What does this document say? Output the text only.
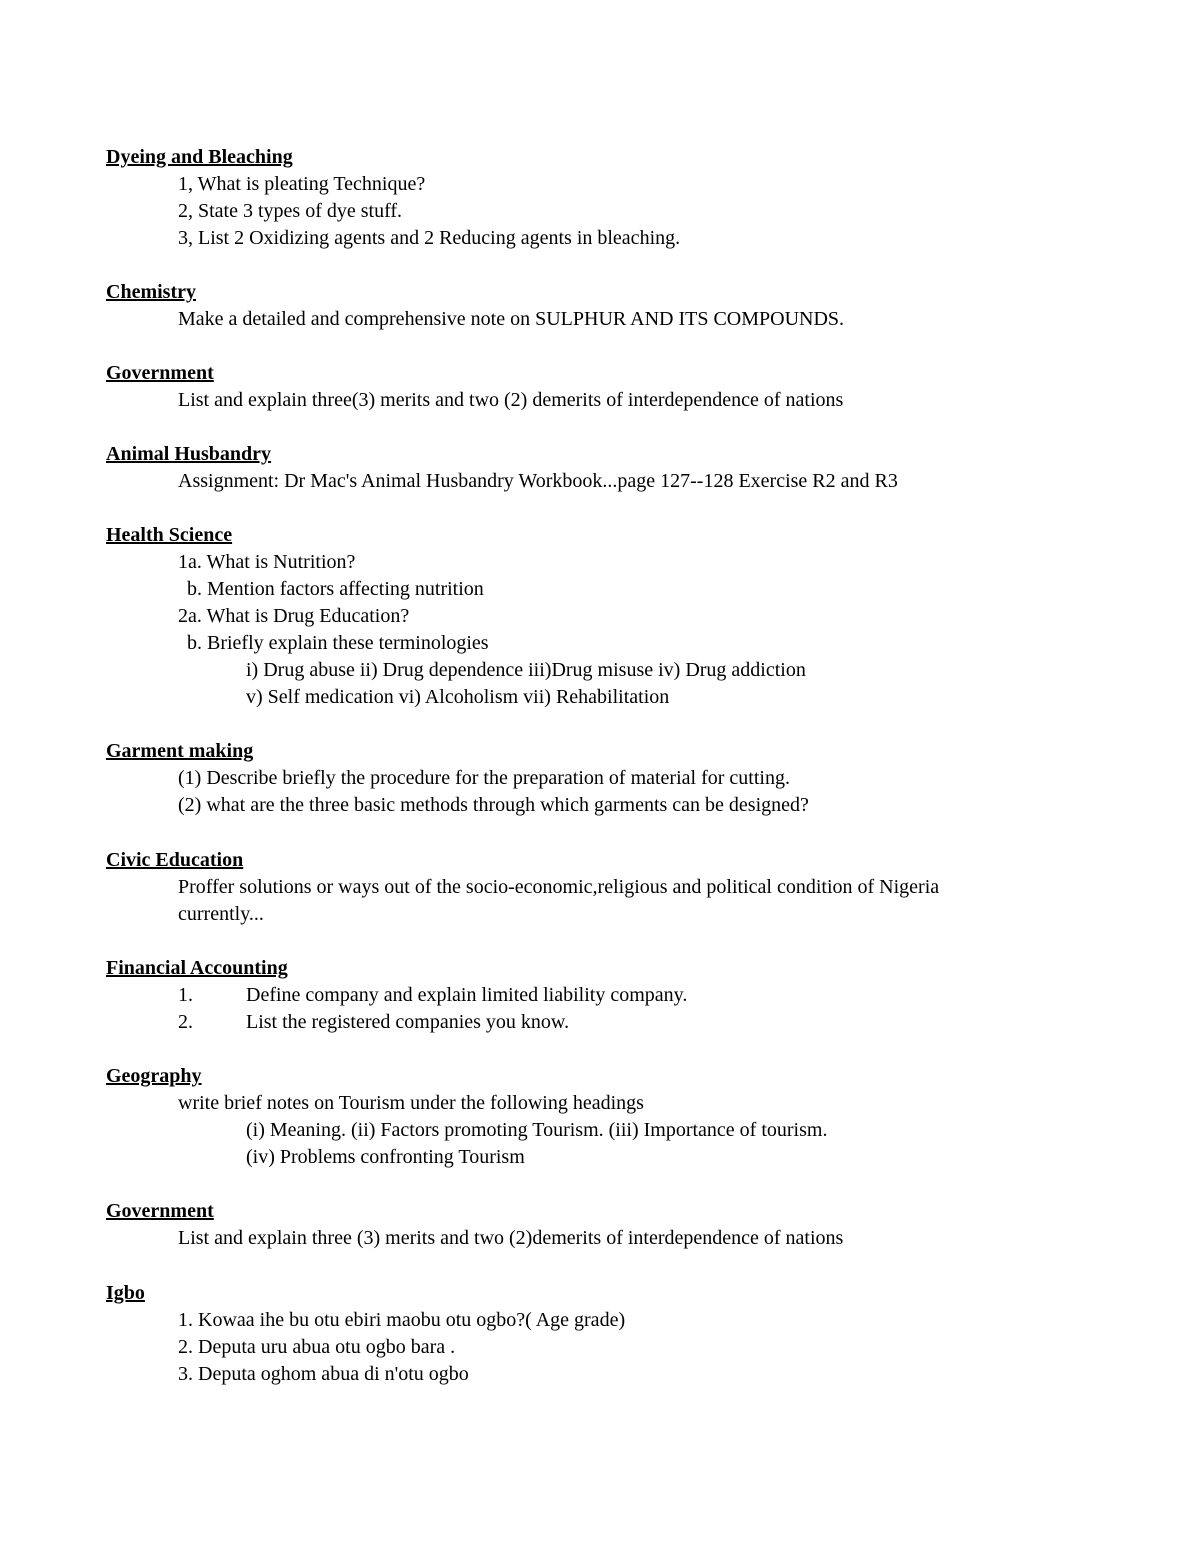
Dyeing and Bleaching
1, What is pleating Technique?
2, State 3 types of dye stuff.
3, List 2 Oxidizing agents and 2 Reducing agents in bleaching.
Chemistry
Make a detailed and comprehensive note on SULPHUR AND ITS COMPOUNDS.
Government
List and explain three(3) merits and two (2) demerits of interdependence of nations
Animal Husbandry
Assignment: Dr Mac's Animal Husbandry Workbook...page 127--128 Exercise R2 and R3
Health Science
1a. What is Nutrition?
b. Mention factors affecting nutrition
2a. What is Drug Education?
b. Briefly explain these terminologies
i) Drug abuse ii) Drug dependence iii)Drug misuse iv) Drug addiction
v) Self medication vi) Alcoholism vii) Rehabilitation
Garment making
(1) Describe briefly the procedure for the preparation of material for cutting.
(2) what are the three basic methods through which garments can be designed?
Civic Education
Proffer solutions or ways out of the socio-economic,religious and political condition of Nigeria
currently...
Financial Accounting
1.	Define company and explain limited liability company.
2.	List the registered companies you know.
Geography
write brief notes on Tourism under the following headings
(i) Meaning. (ii) Factors promoting Tourism. (iii) Importance of tourism.
(iv) Problems confronting Tourism
Government
List and explain three (3) merits and two (2)demerits of interdependence of nations
Igbo
1. Kowaa ihe bu otu ebiri maobu otu ogbo?( Age grade)
2. Deputa uru abua otu ogbo bara .
3. Deputa oghom abua di n'otu ogbo
